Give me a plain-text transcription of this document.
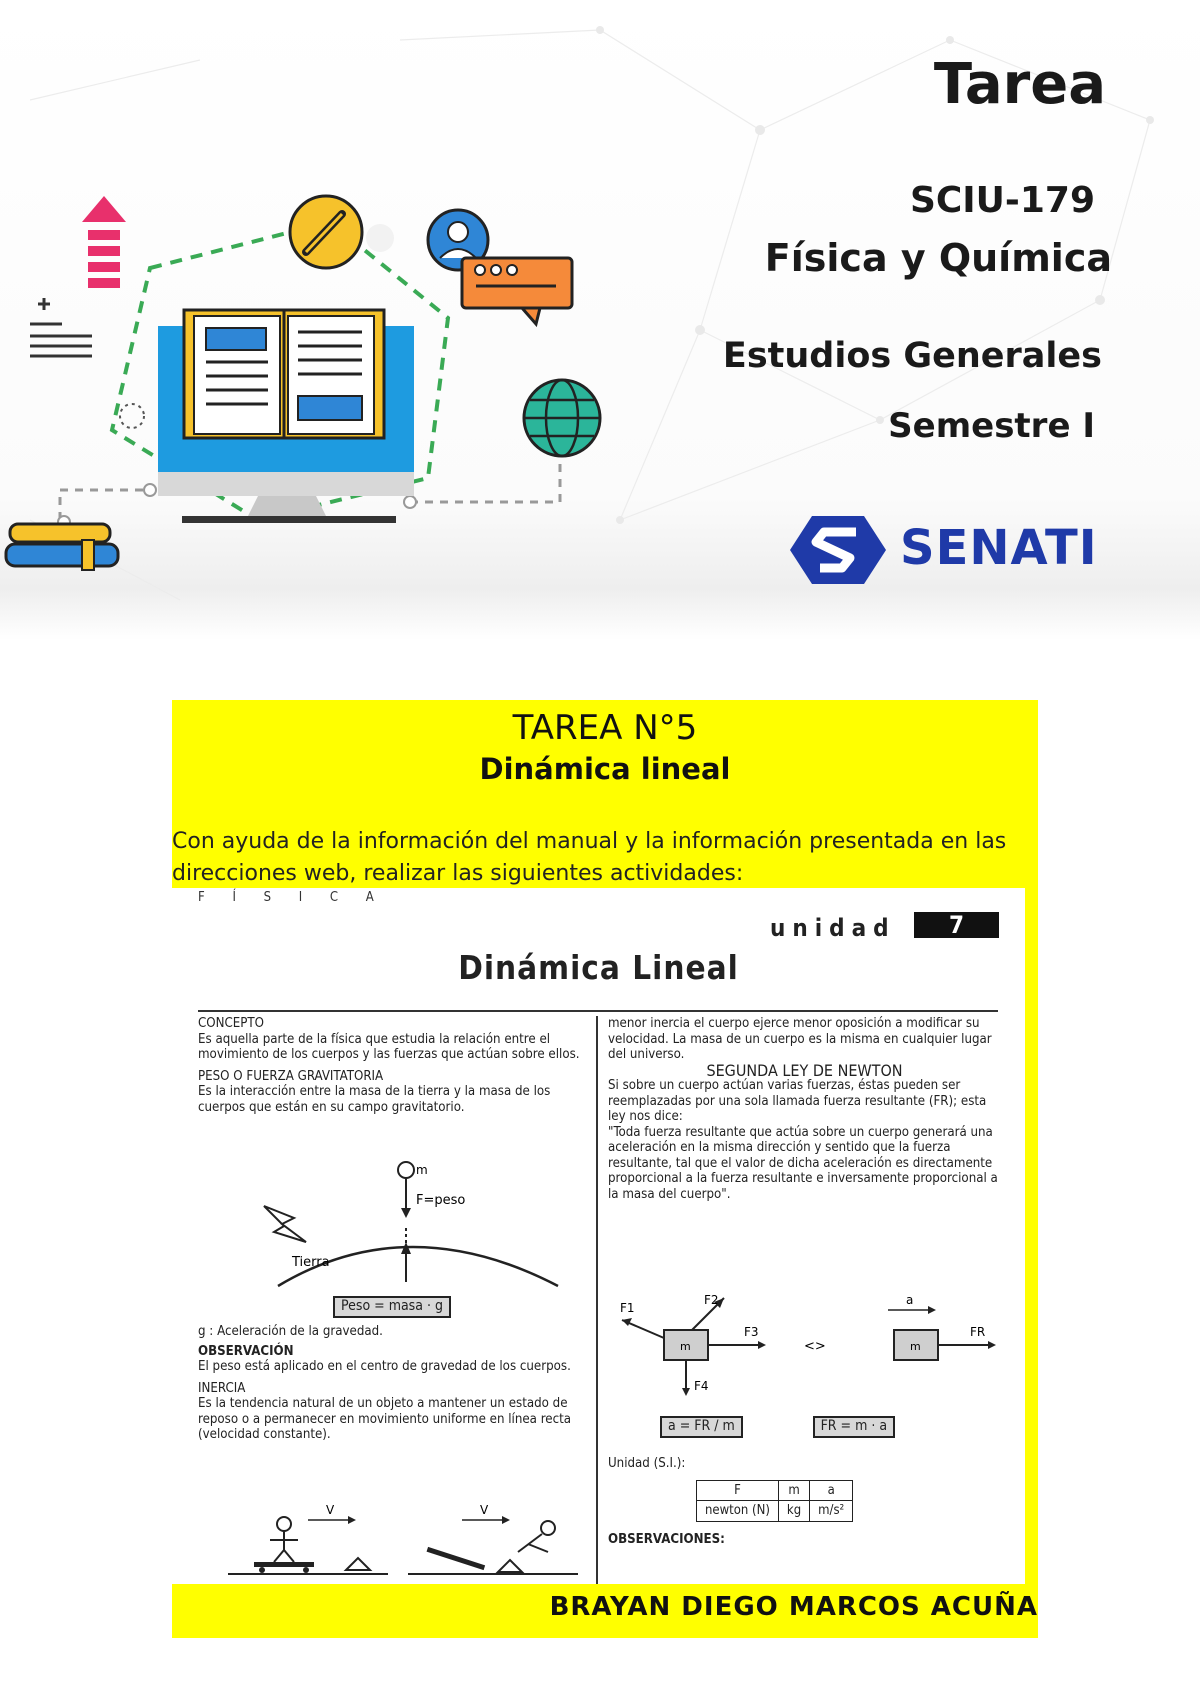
Tarea
SCIU-179
Física y Química
Estudios Generales
Semestre I
SENATI
TAREA N°5
Dinámica lineal
Con ayuda de la información del manual y la información presentada en las direcciones web, realizar las siguientes actividades:
F Í S I C A
unidad	7
Dinámica Lineal

CONCEPTO

Es aquella parte de la física que estudia la relación entre el movimiento de los cuerpos y las fuerzas que actúan sobre ellos.

PESO O FUERZA GRAVITATORIA

Es la interacción entre la masa de la tierra y la masa de los cuerpos que están en su campo gravitatorio.

m
F=peso
Tierra
Peso = masa · g

g : Aceleración de la gravedad.

OBSERVACIÓN

El peso está aplicado en el centro de gravedad de los cuerpos.

INERCIA

Es la tendencia natural de un objeto a mantener un estado de reposo o a permanecer en movimiento uniforme en línea recta (velocidad constante).

V	V

menor inercia el cuerpo ejerce menor oposición a modificar su velocidad. La masa de un cuerpo es la misma en cualquier lugar del universo.

SEGUNDA LEY DE NEWTON

Si sobre un cuerpo actúan varias fuerzas, éstas pueden ser reemplazadas por una sola llamada fuerza resultante (FR); esta ley nos dice:

"Toda fuerza resultante que actúa sobre un cuerpo generará una aceleración en la misma dirección y sentido que la fuerza resultante, tal que el valor de dicha aceleración es directamente proporcional a la fuerza resultante e inversamente proporcional a la masa del cuerpo".

m
F1
F2
F3
F4
<>
a
m
FR
a = FR / m	FR = m · a

Unidad (S.I.):

F	m	a
newton (N)	kg	m/s²

OBSERVACIONES:

BRAYAN DIEGO MARCOS ACUÑA
